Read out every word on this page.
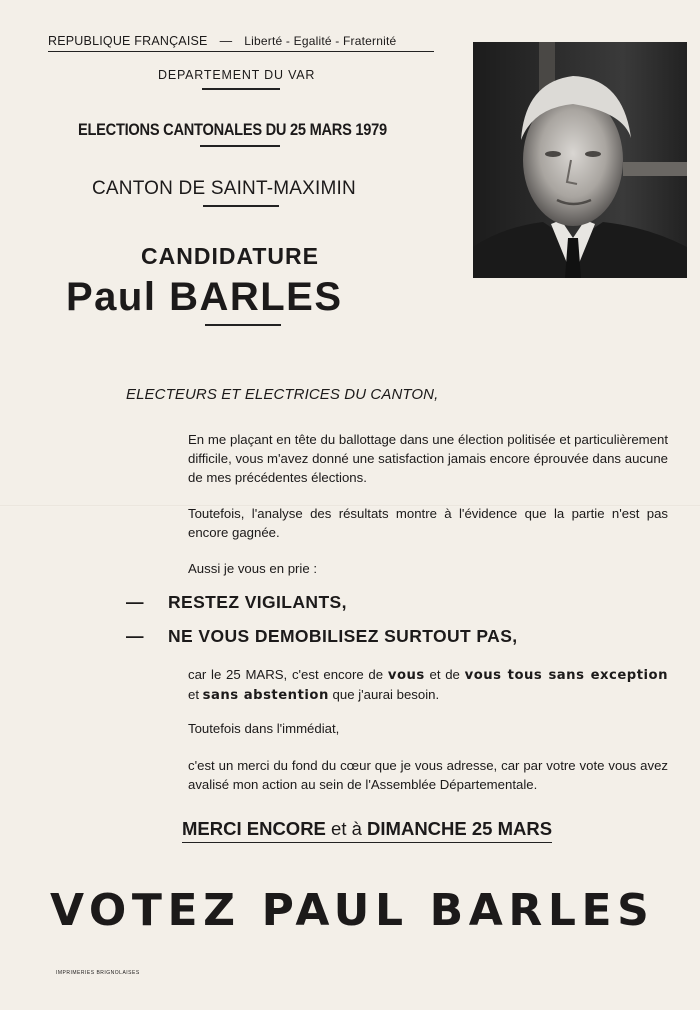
REPUBLIQUE FRANÇAISE — Liberté - Egalité - Fraternité
DEPARTEMENT DU VAR
ELECTIONS CANTONALES DU 25 MARS 1979
CANTON DE SAINT-MAXIMIN
CANDIDATURE
Paul BARLES
ELECTEURS ET ELECTRICES DU CANTON,
En me plaçant en tête du ballottage dans une élection politisée et particulièrement difficile, vous m'avez donné une satisfaction jamais encore éprouvée dans aucune de mes précédentes élections.
Toutefois, l'analyse des résultats montre à l'évidence que la partie n'est pas encore gagnée.
Aussi je vous en prie :
— RESTEZ VIGILANTS,
— NE VOUS DEMOBILISEZ SURTOUT PAS,
car le 25 MARS, c'est encore de vous et de vous tous sans exception et sans abstention que j'aurai besoin.
Toutefois dans l'immédiat,
c'est un merci du fond du cœur que je vous adresse, car par votre vote vous avez avalisé mon action au sein de l'Assemblée Départementale.
MERCI ENCORE et à DIMANCHE 25 MARS
VOTEZ PAUL BARLES
IMPRIMERIES BRIGNOLAISES
